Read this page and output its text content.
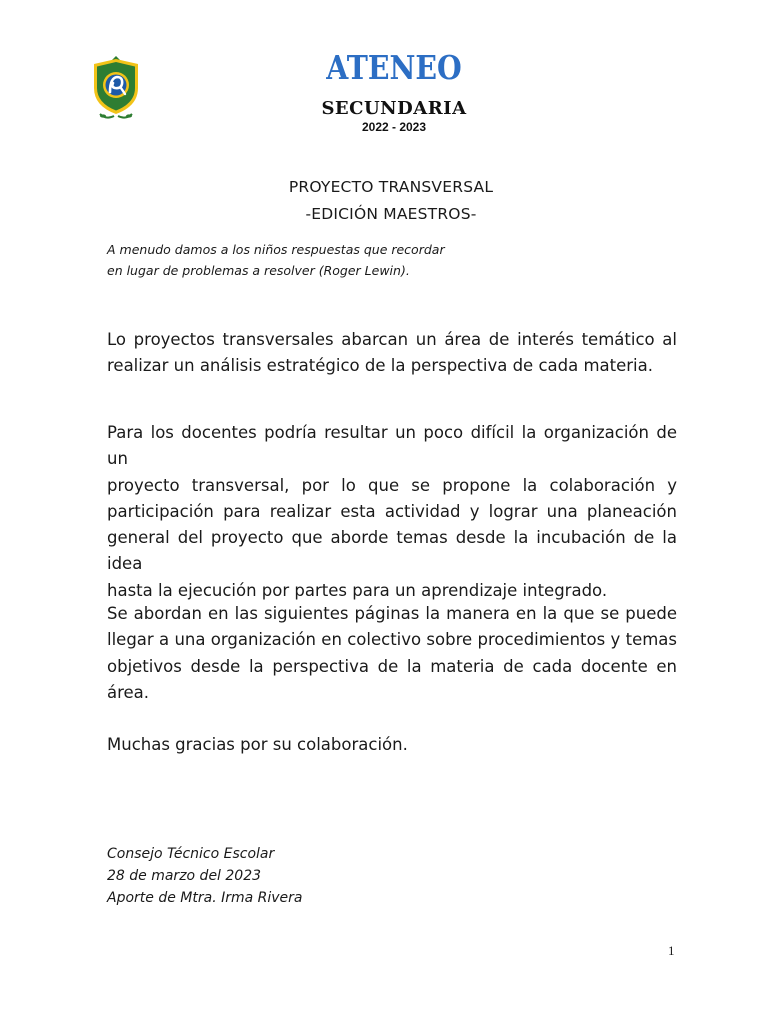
ATENEO
SECUNDARIA
2022 - 2023
PROYECTO TRANSVERSAL
-EDICIÓN MAESTROS-
A menudo damos a los niños respuestas que recordar
en lugar de problemas a resolver (Roger Lewin).
Lo proyectos transversales abarcan un área de interés temático al
realizar un análisis estratégico de la perspectiva de cada materia.
Para los docentes podría resultar un poco difícil la organización de un
proyecto transversal, por lo que se propone la colaboración y
participación para realizar esta actividad y lograr una planeación
general del proyecto que aborde temas desde la incubación de la idea
hasta la ejecución por partes para un aprendizaje integrado.
Se abordan en las siguientes páginas la manera en la que se puede
llegar a una organización en colectivo sobre procedimientos y temas
objetivos desde la perspectiva de la materia de cada docente en área.
Muchas gracias por su colaboración.
Consejo Técnico Escolar
28 de marzo del 2023
Aporte de Mtra. Irma Rivera
1
